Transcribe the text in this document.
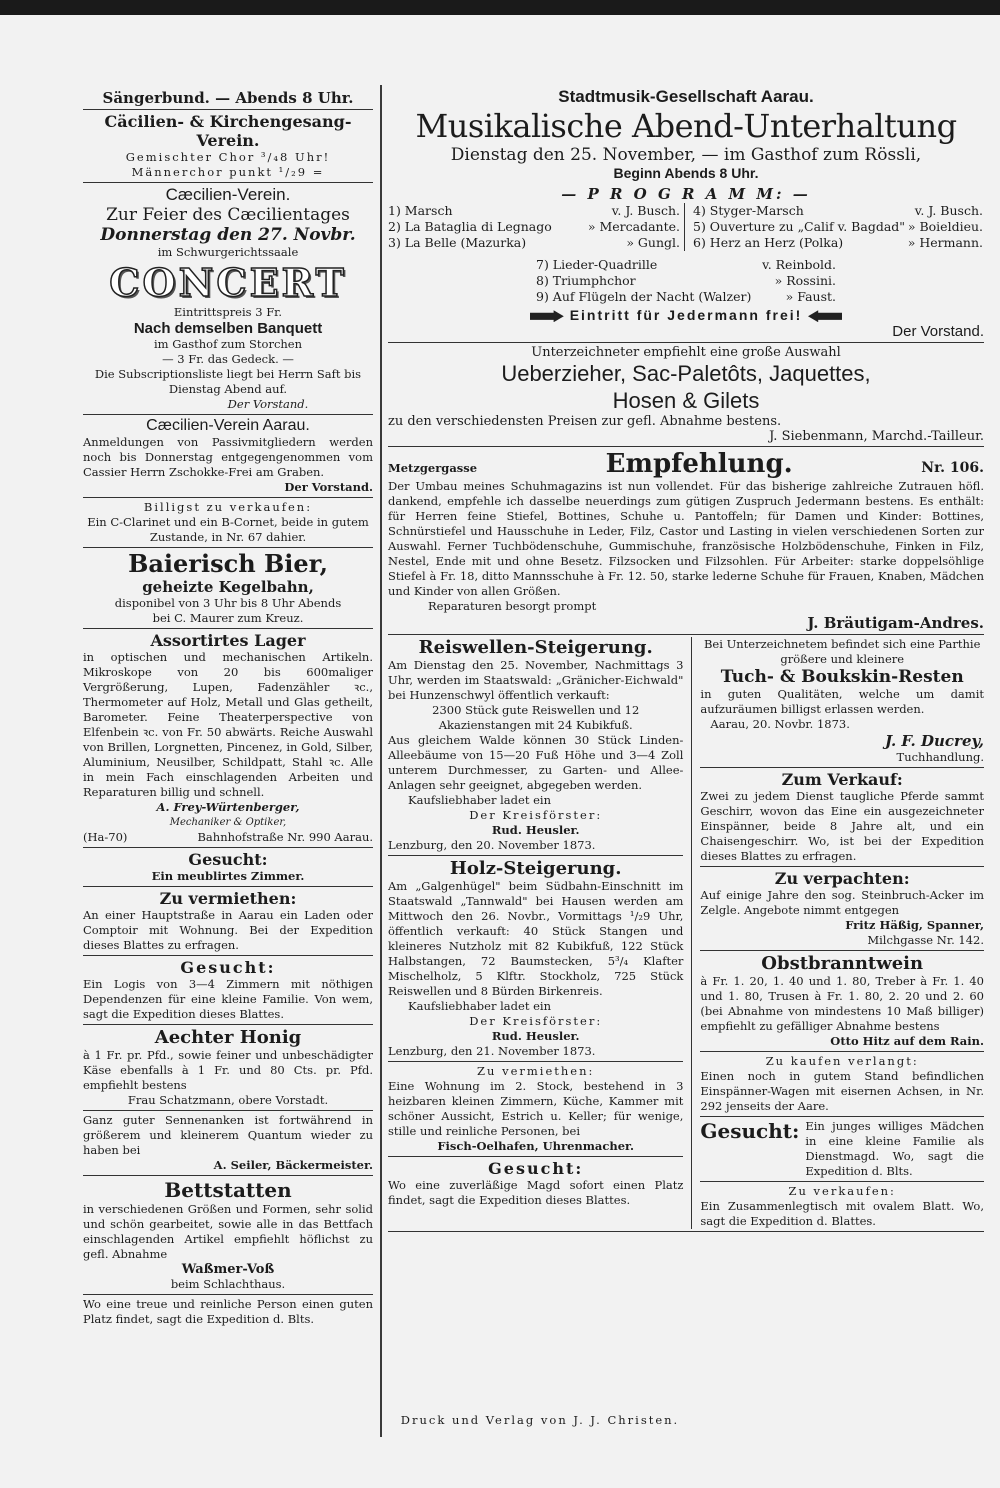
Sängerbund. — Abends 8 Uhr.

Cäcilien- & Kirchengesang-Verein.

Gemischter Chor ³/₄8 Uhr!

Männerchor punkt ¹/₂9 =

Cæcilien-Verein.

Zur Feier des Cæcilientages

Donnerstag den 27. Novbr.

im Schwurgerichtssaale

CONCERT

Eintrittspreis 3 Fr.

Nach demselben Banquett

im Gasthof zum Storchen

— 3 Fr. das Gedeck. —

Die Subscriptionsliste liegt bei Herrn Saft bis Dienstag Abend auf.

Der Vorstand.

Cæcilien-Verein Aarau.

Anmeldungen von Passivmitgliedern werden noch bis Donnerstag entgegengenommen vom Cassier Herrn Zschokke-Frei am Graben.

Der Vorstand.

Billigst zu verkaufen:

Ein C-Clarinet und ein B-Cornet, beide in gutem Zustande, in Nr. 67 dahier.

Baierisch Bier,

geheizte Kegelbahn,

disponibel von 3 Uhr bis 8 Uhr Abends

bei C. Maurer zum Kreuz.

Assortirtes Lager

in optischen und mechanischen Artikeln. Mikroskope von 20 bis 600maliger Vergrößerung, Lupen, Fadenzähler ꝛc., Thermometer auf Holz, Metall und Glas getheilt, Barometer. Feine Theaterperspective von Elfenbein ꝛc. von Fr. 50 abwärts. Reiche Auswahl von Brillen, Lorgnetten, Pincenez, in Gold, Silber, Aluminium, Neusilber, Schildpatt, Stahl ꝛc. Alle in mein Fach einschlagenden Arbeiten und Reparaturen billig und schnell.

A. Frey-Würtenberger,

Mechaniker & Optiker,

(Ha-70)	Bahnhofstraße Nr. 990 Aarau.

Gesucht:

Ein meublirtes Zimmer.

Zu vermiethen:

An einer Hauptstraße in Aarau ein Laden oder Comptoir mit Wohnung. Bei der Expedition dieses Blattes zu erfragen.

Gesucht:

Ein Logis von 3—4 Zimmern mit nöthigen Dependenzen für eine kleine Familie. Von wem, sagt die Expedition dieses Blattes.

Aechter Honig

à 1 Fr. pr. Pfd., sowie feiner und unbeschädigter Käse ebenfalls à 1 Fr. und 80 Cts. pr. Pfd. empfiehlt bestens

Frau Schatzmann, obere Vorstadt.

Ganz guter Sennenanken ist fortwährend in größerem und kleinerem Quantum wieder zu haben bei

A. Seiler, Bäckermeister.

Bettstatten

in verschiedenen Größen und Formen, sehr solid und schön gearbeitet, sowie alle in das Bettfach einschlagenden Artikel empfiehlt höflichst zu gefl. Abnahme

Waßmer-Voß

beim Schlachthaus.

Wo eine treue und reinliche Person einen guten Platz findet, sagt die Expedition d. Blts.

Stadtmusik-Gesellschaft Aarau.

Musikalische Abend-Unterhaltung

Dienstag den 25. November, — im Gasthof zum Rössli,

Beginn Abends 8 Uhr.

— P R O G R A M M: —

1) Marsch	v. J. Busch.
2) La Bataglia di Legnago	» Mercadante.
3) La Belle (Mazurka)	» Gungl.
4) Styger-Marsch	v. J. Busch.
5) Ouverture zu „Calif v. Bagdad" » Boieldieu.
6) Herz an Herz (Polka)	» Hermann.
7) Lieder-Quadrille	v. Reinbold.
8) Triumphchor	» Rossini.
9) Auf Flügeln der Nacht (Walzer)	» Faust.

Eintritt für Jedermann frei!

Der Vorstand.

Unterzeichneter empfiehlt eine große Auswahl

Ueberzieher, Sac-Paletôts, Jaquettes,

Hosen & Gilets

zu den verschiedensten Preisen zur gefl. Abnahme bestens.

J. Siebenmann, Marchd.-Tailleur.

Metzgergasse	Empfehlung.	Nr. 106.

Der Umbau meines Schuhmagazins ist nun vollendet. Für das bisherige zahlreiche Zutrauen höfl. dankend, empfehle ich dasselbe neuerdings zum gütigen Zuspruch Jedermann bestens. Es enthält: für Herren feine Stiefel, Bottines, Schuhe u. Pantoffeln; für Damen und Kinder: Bottines, Schnürstiefel und Hausschuhe in Leder, Filz, Castor und Lasting in vielen verschiedenen Sorten zur Auswahl. Ferner Tuchbödenschuhe, Gummischuhe, französische Holzbödenschuhe, Finken in Filz, Nestel, Ende mit und ohne Besetz. Filzsocken und Filzsohlen. Für Arbeiter: starke doppelsöhlige Stiefel à Fr. 18, ditto Mannsschuhe à Fr. 12. 50, starke lederne Schuhe für Frauen, Knaben, Mädchen und Kinder von allen Größen.

Reparaturen besorgt prompt

J. Bräutigam-Andres.

Reiswellen-Steigerung.

Am Dienstag den 25. November, Nachmittags 3 Uhr, werden im Staatswald: „Gränicher-Eichwald" bei Hunzenschwyl öffentlich verkauft:

2300 Stück gute Reiswellen und 12 Akazienstangen mit 24 Kubikfuß.

Aus gleichem Walde können 30 Stück Linden-Alleebäume von 15—20 Fuß Höhe und 3—4 Zoll unterem Durchmesser, zu Garten- und Allee-Anlagen sehr geeignet, abgegeben werden.

Kaufsliebhaber ladet ein

Der Kreisförster:

Rud. Heusler.

Lenzburg, den 20. November 1873.

Holz-Steigerung.

Am „Galgenhügel" beim Südbahn-Einschnitt im Staatswald „Tannwald" bei Hausen werden am Mittwoch den 26. Novbr., Vormittags ¹/₂9 Uhr, öffentlich verkauft: 40 Stück Stangen und kleineres Nutzholz mit 82 Kubikfuß, 122 Stück Halbstangen, 72 Baumstecken, 5³/₄ Klafter Mischelholz, 5 Klftr. Stockholz, 725 Stück Reiswellen und 8 Bürden Birkenreis.

Kaufsliebhaber ladet ein

Der Kreisförster:

Rud. Heusler.

Lenzburg, den 21. November 1873.

Zu vermiethen:

Eine Wohnung im 2. Stock, bestehend in 3 heizbaren kleinen Zimmern, Küche, Kammer mit schöner Aussicht, Estrich u. Keller; für wenige, stille und reinliche Personen, bei

Fisch-Oelhafen, Uhrenmacher.

Gesucht:

Wo eine zuverläßige Magd sofort einen Platz findet, sagt die Expedition dieses Blattes.

Bei Unterzeichnetem befindet sich eine Parthie größere und kleinere

Tuch- & Boukskin-Resten

in guten Qualitäten, welche um damit aufzuräumen billigst erlassen werden.

Aarau, 20. Novbr. 1873.

J. F. Ducrey,

Tuchhandlung.

Zum Verkauf:

Zwei zu jedem Dienst taugliche Pferde sammt Geschirr, wovon das Eine ein ausgezeichneter Einspänner, beide 8 Jahre alt, und ein Chaisengeschirr. Wo, ist bei der Expedition dieses Blattes zu erfragen.

Zu verpachten:

Auf einige Jahre den sog. Steinbruch-Acker im Zelgle. Angebote nimmt entgegen

Fritz Häßig, Spanner,

Milchgasse Nr. 142.

Obstbranntwein

à Fr. 1. 20, 1. 40 und 1. 80, Treber à Fr. 1. 40 und 1. 80, Trusen à Fr. 1. 80, 2. 20 und 2. 60 (bei Abnahme von mindestens 10 Maß billiger) empfiehlt zu gefälliger Abnahme bestens

Otto Hitz auf dem Rain.

Zu kaufen verlangt:

Einen noch in gutem Stand befindlichen Einspänner-Wagen mit eisernen Achsen, in Nr. 292 jenseits der Aare.

Gesucht: Ein junges williges Mädchen in eine kleine Familie als Dienstmagd. Wo, sagt die Expedition d. Blts.

Zu verkaufen:

Ein Zusammenlegtisch mit ovalem Blatt. Wo, sagt die Expedition d. Blattes.

Druck und Verlag von J. J. Christen.
